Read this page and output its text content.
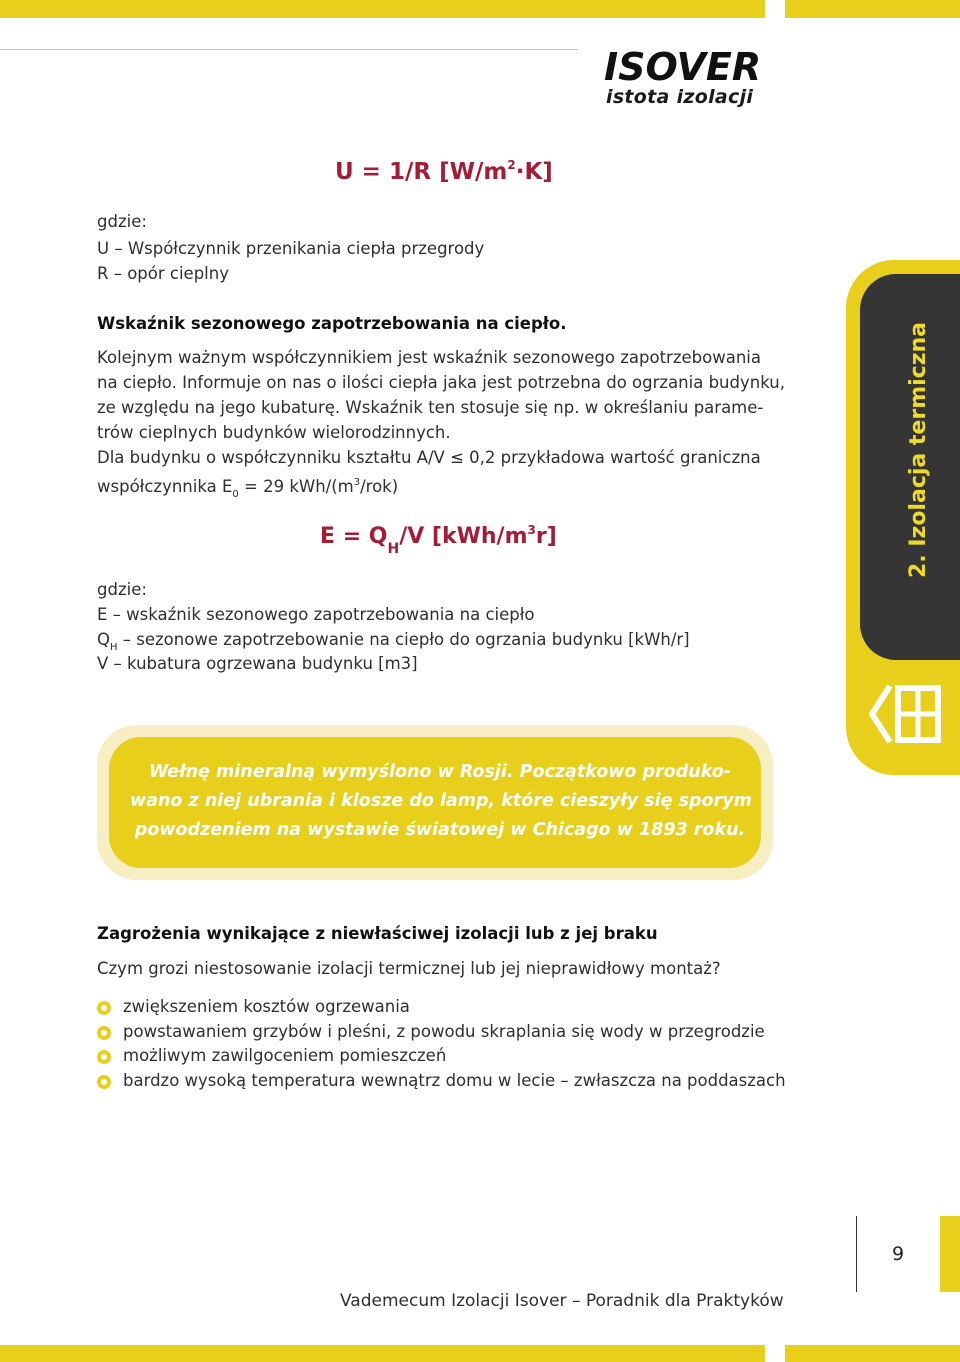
ISOVER
istota izolacji
U = 1/R $[W/m^2\cdot K]$
gdzie:
U – Współczynnik przenikania ciepła przegrody
R – opór cieplny
Wskaźnik sezonowego zapotrzebowania na ciepło.
Kolejnym ważnym współczynnikiem jest wskaźnik sezonowego zapotrzebowania
na ciepło. Informuje on nas o ilości ciepła jaka jest potrzebna do ogrzania budynku,
ze względu na jego kubaturę. Wskaźnik ten stosuje się np. w określaniu parame-
trów cieplnych budynków wielorodzinnych.
Dla budynku o współczynniku kształtu A/V ≤ 0,2 przykładowa wartość graniczna
współczynnika $E_0 = 29$ kWh/$(m^3/rok)$
$E = Q_H/V$ $[kWh/m^3r]$
gdzie:
E – wskaźnik sezonowego zapotrzebowania na ciepło
$Q_H$ – sezonowe zapotrzebowanie na ciepło do ogrzania budynku [kWh/r]
V – kubatura ogrzewana budynku [m3]
2. Izolacja termiczna
Wełnę mineralną wymyślono w Rosji. Początkowo produko-
wano z niej ubrania i klosze do lamp, które cieszyły się sporym
powodzeniem na wystawie światowej w Chicago w 1893 roku.
Zagrożenia wynikające z niewłaściwej izolacji lub z jej braku
Czym grozi niestosowanie izolacji termicznej lub jej nieprawidłowy montaż?
zwiększeniem kosztów ogrzewania
powstawaniem grzybów i pleśni, z powodu skraplania się wody w przegrodzie
możliwym zawilgoceniem pomieszczeń
bardzo wysoką temperatura wewnątrz domu w lecie – zwłaszcza na poddaszach
9
Vademecum Izolacji Isover – Poradnik dla Praktyków
